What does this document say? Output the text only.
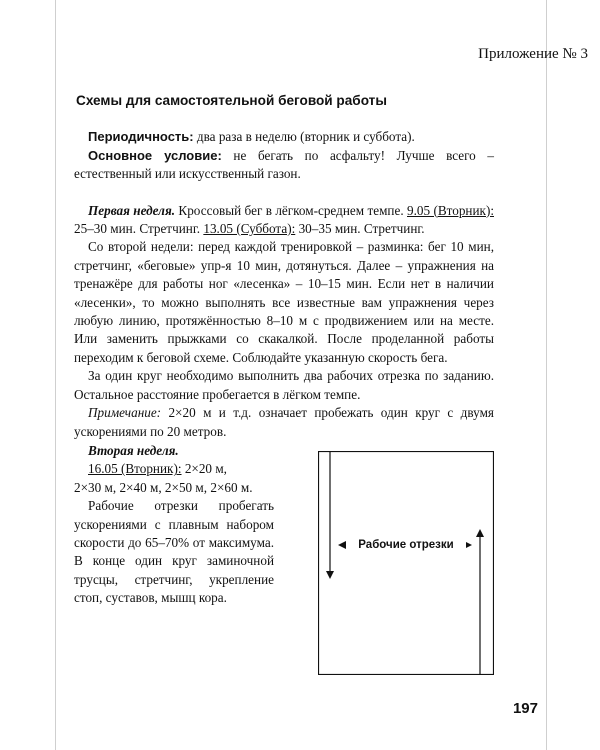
Приложение № 3
Схемы для самостоятельной беговой работы

Периодичность: два раза в неделю (вторник и суббота).

Основное условие: не бегать по асфальту! Лучше всего – естественный или искусственный газон.

Первая неделя. Кроссовый бег в лёгком-среднем темпе. 9.05 (Вторник): 25–30 мин. Стретчинг. 13.05 (Суббота): 30–35 мин. Стретчинг.

Со второй недели: перед каждой тренировкой – разминка: бег 10 мин, стретчинг, «беговые» упр-я 10 мин, дотянуться. Далее – упражнения на тренажёре для работы ног «лесенка» – 10–15 мин. Если нет в наличии «лесенки», то можно выполнять все известные вам упражнения через любую линию, протяжённостью 8–10 м с продвижением или на месте. Или заменить прыжками со скакалкой. После проделанной работы переходим к беговой схеме. Соблюдайте указанную скорость бега.

За один круг необходимо выполнить два рабочих отрезка по заданию. Остальное расстояние пробегается в лёгком темпе.

Примечание: 2×20 м и т.д. означает пробежать один круг с двумя ускорениями по 20 метров.

Вторая неделя.

16.05 (Вторник): 2×20 м,

2×30 м, 2×40 м, 2×50 м, 2×60 м.

Рабочие отрезки пробегать ускорениями с плавным набором скорости до 65–70% от максимума. В конце один круг заминочной трусцы, стретчинг, укрепление стоп, суставов, мышц кора.

Рабочие отрезки
197
